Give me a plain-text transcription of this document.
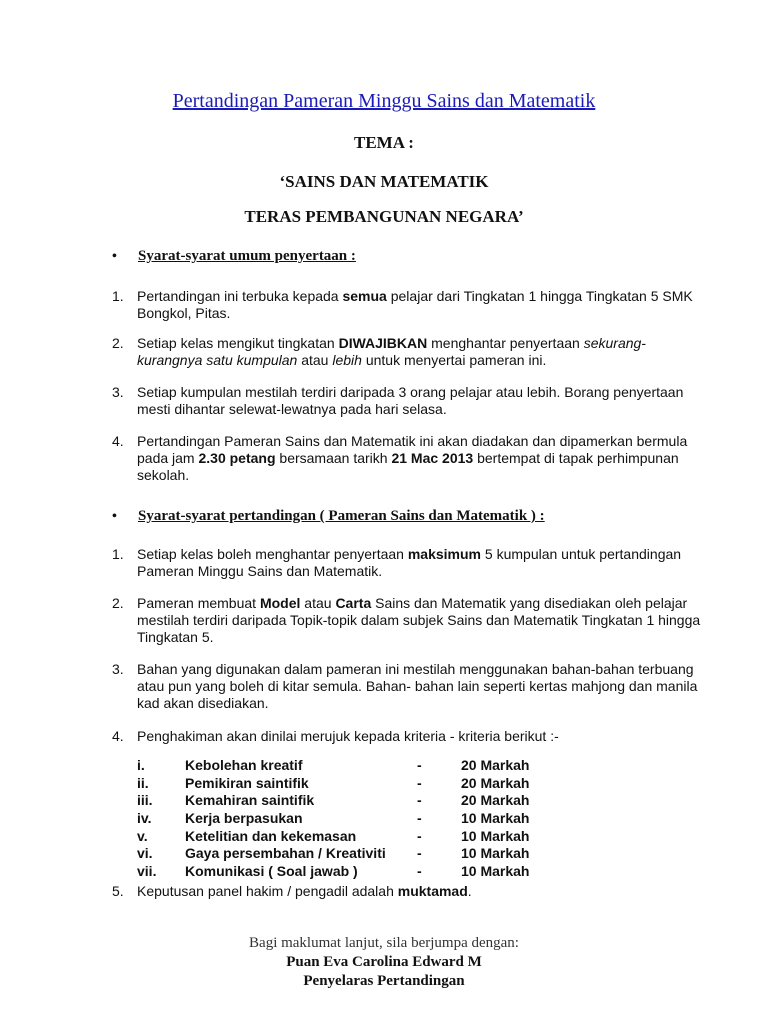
Pertandingan Pameran Minggu Sains dan Matematik
TEMA :
‘SAINS DAN MATEMATIK
TERAS PEMBANGUNAN NEGARA’
• Syarat-syarat umum penyertaan :
1. Pertandingan ini terbuka kepada semua pelajar dari Tingkatan 1 hingga Tingkatan 5 SMK Bongkol, Pitas.
2. Setiap kelas mengikut tingkatan DIWAJIBKAN menghantar penyertaan sekurang-kurangnya satu kumpulan atau lebih untuk menyertai pameran ini.
3. Setiap kumpulan mestilah terdiri daripada 3 orang pelajar atau lebih. Borang penyertaan mesti dihantar selewat-lewatnya pada hari selasa.
4. Pertandingan Pameran Sains dan Matematik ini akan diadakan dan dipamerkan bermula pada jam 2.30 petang bersamaan tarikh 21 Mac 2013 bertempat di tapak perhimpunan sekolah.
• Syarat-syarat pertandingan ( Pameran Sains dan Matematik ) :
1. Setiap kelas boleh menghantar penyertaan maksimum 5 kumpulan untuk pertandingan Pameran Minggu Sains dan Matematik.
2. Pameran membuat Model atau Carta Sains dan Matematik yang disediakan oleh pelajar mestilah terdiri daripada Topik-topik dalam subjek Sains dan Matematik Tingkatan 1 hingga Tingkatan 5.
3. Bahan yang digunakan dalam pameran ini mestilah menggunakan bahan-bahan terbuang atau pun yang boleh di kitar semula. Bahan- bahan lain seperti kertas mahjong dan manila kad akan disediakan.
4. Penghakiman akan dinilai merujuk kepada kriteria - kriteria berikut :-
i.	Kebolehan kreatif	-	20 Markah
ii.	Pemikiran saintifik	-	20 Markah
iii.	Kemahiran saintifik	-	20 Markah
iv.	Kerja berpasukan	-	10 Markah
v.	Ketelitian dan kekemasan	-	10 Markah
vi.	Gaya persembahan / Kreativiti	-	10 Markah
vii.	Komunikasi ( Soal jawab )	-	10 Markah
5. Keputusan panel hakim / pengadil adalah muktamad.
Bagi maklumat lanjut, sila berjumpa dengan:
Puan Eva Carolina Edward M
Penyelaras Pertandingan
